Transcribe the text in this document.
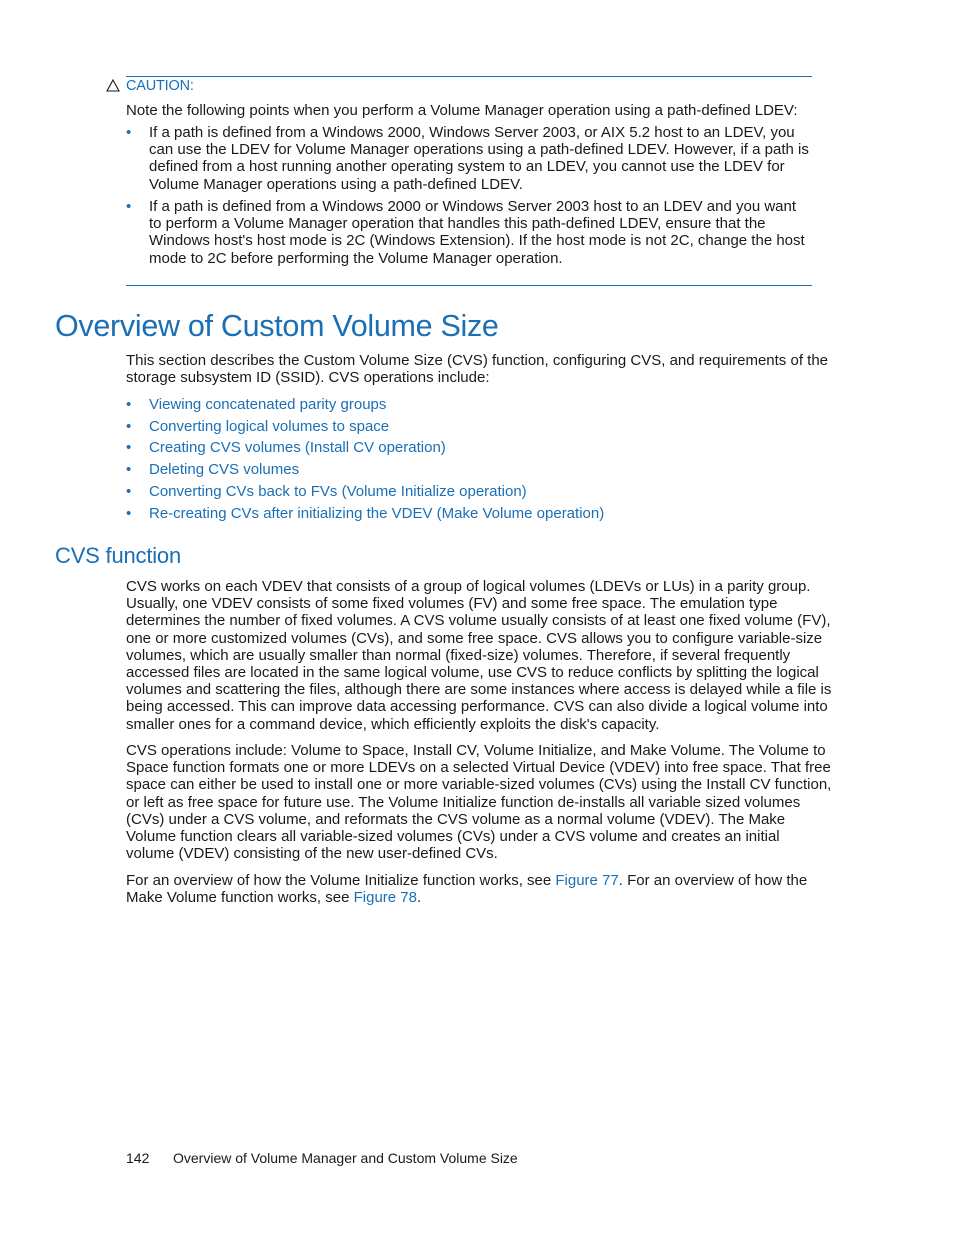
CAUTION:
Note the following points when you perform a Volume Manager operation using a path-defined LDEV:
•	If a path is defined from a Windows 2000, Windows Server 2003, or AIX 5.2 host to an LDEV, you can use the LDEV for Volume Manager operations using a path-defined LDEV. However, if a path is defined from a host running another operating system to an LDEV, you cannot use the LDEV for Volume Manager operations using a path-defined LDEV.
•	If a path is defined from a Windows 2000 or Windows Server 2003 host to an LDEV and you want to perform a Volume Manager operation that handles this path-defined LDEV, ensure that the Windows host's host mode is 2C (Windows Extension). If the host mode is not 2C, change the host mode to 2C before performing the Volume Manager operation.
Overview of Custom Volume Size
This section describes the Custom Volume Size (CVS) function, configuring CVS, and requirements of the storage subsystem ID (SSID). CVS operations include:
• Viewing concatenated parity groups
• Converting logical volumes to space
• Creating CVS volumes (Install CV operation)
• Deleting CVS volumes
• Converting CVs back to FVs (Volume Initialize operation)
• Re-creating CVs after initializing the VDEV (Make Volume operation)
CVS function
CVS works on each VDEV that consists of a group of logical volumes (LDEVs or LUs) in a parity group. Usually, one VDEV consists of some fixed volumes (FV) and some free space. The emulation type determines the number of fixed volumes. A CVS volume usually consists of at least one fixed volume (FV), one or more customized volumes (CVs), and some free space. CVS allows you to configure variable-size volumes, which are usually smaller than normal (fixed-size) volumes. Therefore, if several frequently accessed files are located in the same logical volume, use CVS to reduce conflicts by splitting the logical volumes and scattering the files, although there are some instances where access is delayed while a file is being accessed. This can improve data accessing performance. CVS can also divide a logical volume into smaller ones for a command device, which efficiently exploits the disk's capacity.
CVS operations include: Volume to Space, Install CV, Volume Initialize, and Make Volume. The Volume to Space function formats one or more LDEVs on a selected Virtual Device (VDEV) into free space. That free space can either be used to install one or more variable-sized volumes (CVs) using the Install CV function, or left as free space for future use. The Volume Initialize function de-installs all variable sized volumes (CVs) under a CVS volume, and reformats the CVS volume as a normal volume (VDEV). The Make Volume function clears all variable-sized volumes (CVs) under a CVS volume and creates an initial volume (VDEV) consisting of the new user-defined CVs.
For an overview of how the Volume Initialize function works, see Figure 77. For an overview of how the Make Volume function works, see Figure 78.
142 Overview of Volume Manager and Custom Volume Size
